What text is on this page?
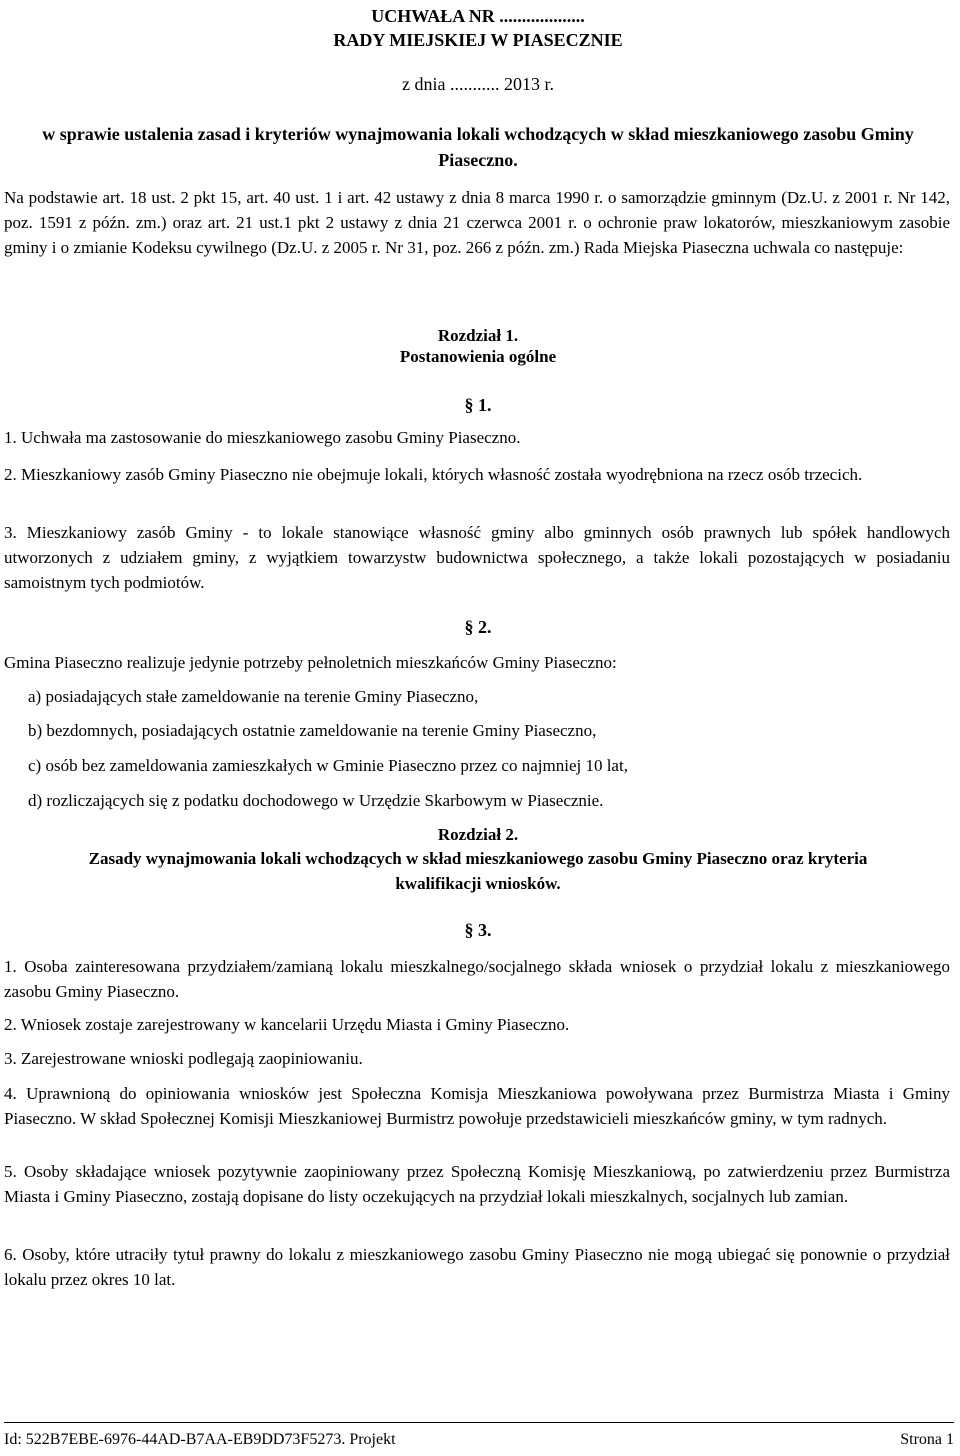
UCHWAŁA NR ...................
RADY MIEJSKIEJ W PIASECZNIE
z dnia ........... 2013 r.
w sprawie ustalenia zasad i kryteriów wynajmowania lokali wchodzących w skład mieszkaniowego zasobu Gminy Piaseczno.

Na podstawie art. 18 ust. 2 pkt 15, art. 40 ust. 1 i art. 42 ustawy z dnia 8 marca 1990 r. o samorządzie gminnym (Dz.U. z 2001 r. Nr 142, poz. 1591 z późn. zm.) oraz art. 21 ust.1 pkt 2 ustawy z dnia 21 czerwca 2001 r. o ochronie praw lokatorów, mieszkaniowym zasobie gminy i o zmianie Kodeksu cywilnego (Dz.U. z 2005 r. Nr 31, poz. 266 z późn. zm.) Rada Miejska Piaseczna uchwala co następuje:

Rozdział 1.
Postanowienia ogólne
§ 1.

1. Uchwała ma zastosowanie do mieszkaniowego zasobu Gminy Piaseczno.

2. Mieszkaniowy zasób Gminy Piaseczno nie obejmuje lokali, których własność została wyodrębniona na rzecz osób trzecich.

3. Mieszkaniowy zasób Gminy - to lokale stanowiące własność gminy albo gminnych osób prawnych lub spółek handlowych utworzonych z udziałem gminy, z wyjątkiem towarzystw budownictwa społecznego, a także lokali pozostających w posiadaniu samoistnym tych podmiotów.

§ 2.

Gmina Piaseczno realizuje jedynie potrzeby pełnoletnich mieszkańców Gminy Piaseczno:

a) posiadających stałe zameldowanie na terenie Gminy Piaseczno,

b) bezdomnych, posiadających ostatnie zameldowanie na terenie Gminy Piaseczno,

c) osób bez zameldowania zamieszkałych w Gminie Piaseczno przez co najmniej 10 lat,

d) rozliczających się z podatku dochodowego w Urzędzie Skarbowym w Piasecznie.

Rozdział 2.
Zasady wynajmowania lokali wchodzących w skład mieszkaniowego zasobu Gminy Piaseczno oraz kryteria kwalifikacji wniosków.
§ 3.

1. Osoba zainteresowana przydziałem/zamianą lokalu mieszkalnego/socjalnego składa wniosek o przydział lokalu z mieszkaniowego zasobu Gminy Piaseczno.

2. Wniosek zostaje zarejestrowany w kancelarii Urzędu Miasta i Gminy Piaseczno.

3. Zarejestrowane wnioski podlegają zaopiniowaniu.

4. Uprawnioną do opiniowania wniosków jest Społeczna Komisja Mieszkaniowa powoływana przez Burmistrza Miasta i Gminy Piaseczno. W skład Społecznej Komisji Mieszkaniowej Burmistrz powołuje przedstawicieli mieszkańców gminy, w tym radnych.

5. Osoby składające wniosek pozytywnie zaopiniowany przez Społeczną Komisję Mieszkaniową, po zatwierdzeniu przez Burmistrza Miasta i Gminy Piaseczno, zostają dopisane do listy oczekujących na przydział lokali mieszkalnych, socjalnych lub zamian.

6. Osoby, które utraciły tytuł prawny do lokalu z mieszkaniowego zasobu Gminy Piaseczno nie mogą ubiegać się ponownie o przydział lokalu przez okres 10 lat.

Id: 522B7EBE-6976-44AD-B7AA-EB9DD73F5273. Projekt	Strona 1
